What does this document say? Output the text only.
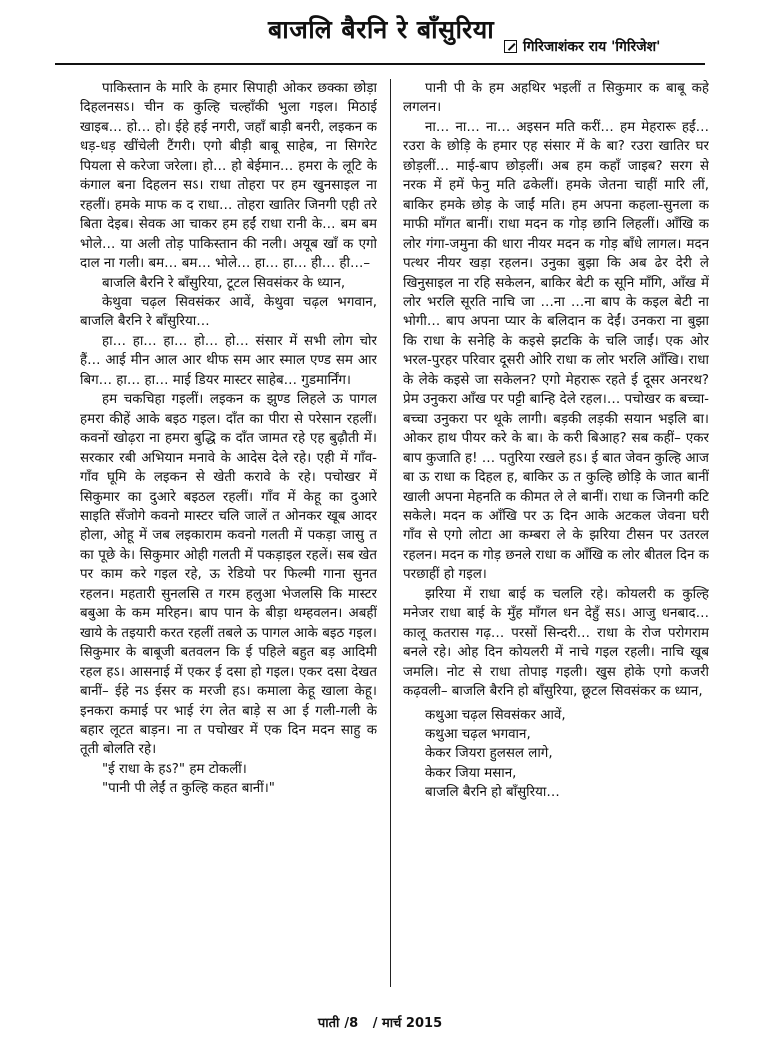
बाजलि बैरनि रे बाँसुरिया
गिरिजाशंकर राय 'गिरिजेश'

पाकिस्तान के मारि के हमार सिपाही ओकर छक्का छोड़ा दिहलनसऽ। चीन क कुल्हि चल्हाँकी भुला गइल। मिठाई खाइब… हो… हो। ईहे हई नगरी, जहाँ बाड़ी बनरी, लइकन क धड़-धड़ खींचेली टैंगरी। एगो बीड़ी बाबू साहेब, ना सिगरेट पियला से करेजा जरेला। हो… हो बेईमान… हमरा के लूटि के कंगाल बना दिहलन सऽ। राधा तोहरा पर हम खुनसाइल ना रहलीं। हमके माफ क द राधा… तोहरा खातिर जिनगी एही तरे बिता देइब। सेवक आ चाकर हम हईं राधा रानी के… बम बम भोले… या अली तोड़ पाकिस्तान की नली। अयूब खाँ क एगो दाल ना गली। बम… बम… भोले… हा… हा… ही… ही…–

बाजलि बैरनि रे बाँसुरिया, टूटल सिवसंकर के ध्यान,

केथुवा चढ़ल सिवसंकर आवें, केथुवा चढ़ल भगवान, बाजलि बैरनि रे बाँसुरिया…

हा… हा… हा… हो… हो… संसार में सभी लोग चोर हैं… आई मीन आल आर थीफ सम आर स्माल एण्ड सम आर बिग… हा… हा… माई डियर मास्टर साहेब… गुडमार्निंग।

हम चकचिहा गइलीं। लइकन क झुण्ड लिहले ऊ पागल हमरा कीहें आके बइठ गइल। दाँत का पीरा से परेसान रहलीं। कवनों खोढ़रा ना हमरा बुद्धि क दाँत जामत रहे एह बुढ़ौती में। सरकार रबी अभियान मनावे के आदेस देले रहे। एही में गाँव-गाँव घूमि के लइकन से खेती करावे के रहे। पचोखर में सिकुमार का दुआरे बइठल रहलीं। गाँव में केहू का दुआरे साइति सँजोगे कवनो मास्टर चलि जालें त ओनकर खूब आदर होला, ओहू में जब लइकाराम कवनो गलती में पकड़ा जासु त का पूछे के। सिकुमार ओही गलती में पकड़ाइल रहलें। सब खेत पर काम करे गइल रहे, ऊ रेडियो पर फिल्मी गाना सुनत रहलन। महतारी सुनलसि त गरम हलुआ भेजलसि कि मास्टर बबुआ के कम मरिहन। बाप पान के बीड़ा थम्हवलन। अबहीं खाये के तइयारी करत रहलीं तबले ऊ पागल आके बइठ गइल। सिकुमार के बाबूजी बतवलन कि ई पहिले बहुत बड़ आदिमी रहल हऽ। आसनाई में एकर ई दसा हो गइल। एकर दसा देखत बानीं– ईहे नऽ ईसर क मरजी हऽ। कमाला केहू खाला केहू। इनकरा कमाई पर भाई रंग लेत बाड़े स आ ई गली-गली के बहार लूटत बाड़न। ना त पचोखर में एक दिन मदन साहु क तूती बोलति रहे।

"ई राधा के हऽ?" हम टोकलीं।

"पानी पी लेईं त कुल्हि कहत बानीं।"

पानी पी के हम अहथिर भइलीं त सिकुमार क बाबू कहे लगलन।

ना… ना… ना… अइसन मति करीं… हम मेहरारू हईं… रउरा के छोड़ि के हमार एह संसार में के बा? रउरा खातिर घर छोड़लीं… माई-बाप छोड़लीं। अब हम कहाँ जाइब? सरग से नरक में हमें फेनु मति ढकेलीं। हमके जेतना चाहीं मारि लीं, बाकिर हमके छोड़ के जाईं मति। हम अपना कहला-सुनला क माफी माँगत बानीं। राधा मदन क गोड़ छानि लिहलीं। आँखि क लोर गंगा-जमुना की धारा नीयर मदन क गोड़ बाँधे लागल। मदन पत्थर नीयर खड़ा रहलन। उनुका बुझा कि अब ढेर देरी ले खिनुसाइल ना रहि सकेलन, बाकिर बेटी क सूनि माँगि, आँख में लोर भरलि सूरति नाचि जा …ना …ना बाप के कइल बेटी ना भोगी… बाप अपना प्यार के बलिदान क देईं। उनकरा ना बुझा कि राधा के सनेहि के कइसे झटकि के चलि जाईं। एक ओर भरल-पुरहर परिवार दूसरी ओरि राधा क लोर भरलि आँखि। राधा के लेके कइसे जा सकेलन? एगो मेहरारू रहते ई दूसर अनरथ? प्रेम उनुकरा आँख पर पट्टी बान्हि देले रहल।… पचोखर क बच्चा-बच्चा उनुकरा पर थूके लागी। बड़की लड़की सयान भइलि बा। ओकर हाथ पीयर करे के बा। के करी बिआह? सब कहीं– एकर बाप कुजाति ह! … पतुरिया रखले हऽ। ई बात जेवन कुल्हि आज बा ऊ राधा क दिहल ह, बाकिर ऊ त कुल्हि छोड़ि के जात बानीं खाली अपना मेहनति क कीमत ले ले बानीं। राधा क जिनगी कटि सकेले। मदन क आँखि पर ऊ दिन आके अटकल जेवना घरी गाँव से एगो लोटा आ कम्बरा ले के झरिया टीसन पर उतरल रहलन। मदन क गोड़ छनले राधा क आँखि क लोर बीतल दिन क परछाहीं हो गइल।

झरिया में राधा बाई क चललि रहे। कोयलरी क कुल्हि मनेजर राधा बाई के मुँह माँगल धन देहुँ सऽ। आजु धनबाद… कालू कतरास गढ़… परसों सिन्दरी… राधा के रोज परोगराम बनले रहे। ओह दिन कोयलरी में नाचे गइल रहली। नाचि खूब जमलि। नोट से राधा तोपाइ गइली। खुस होके एगो कजरी कढ़वली– बाजलि बैरनि हो बाँसुरिया, छूटल सिवसंकर क ध्यान,

कथुआ चढ़ल सिवसंकर आवें,

कथुआ चढ़ल भगवान,

केकर जियरा हुलसल लागे,

केकर जिया मसान,

बाजलि बैरनि हो बाँसुरिया…

पाती /8 / मार्च 2015
